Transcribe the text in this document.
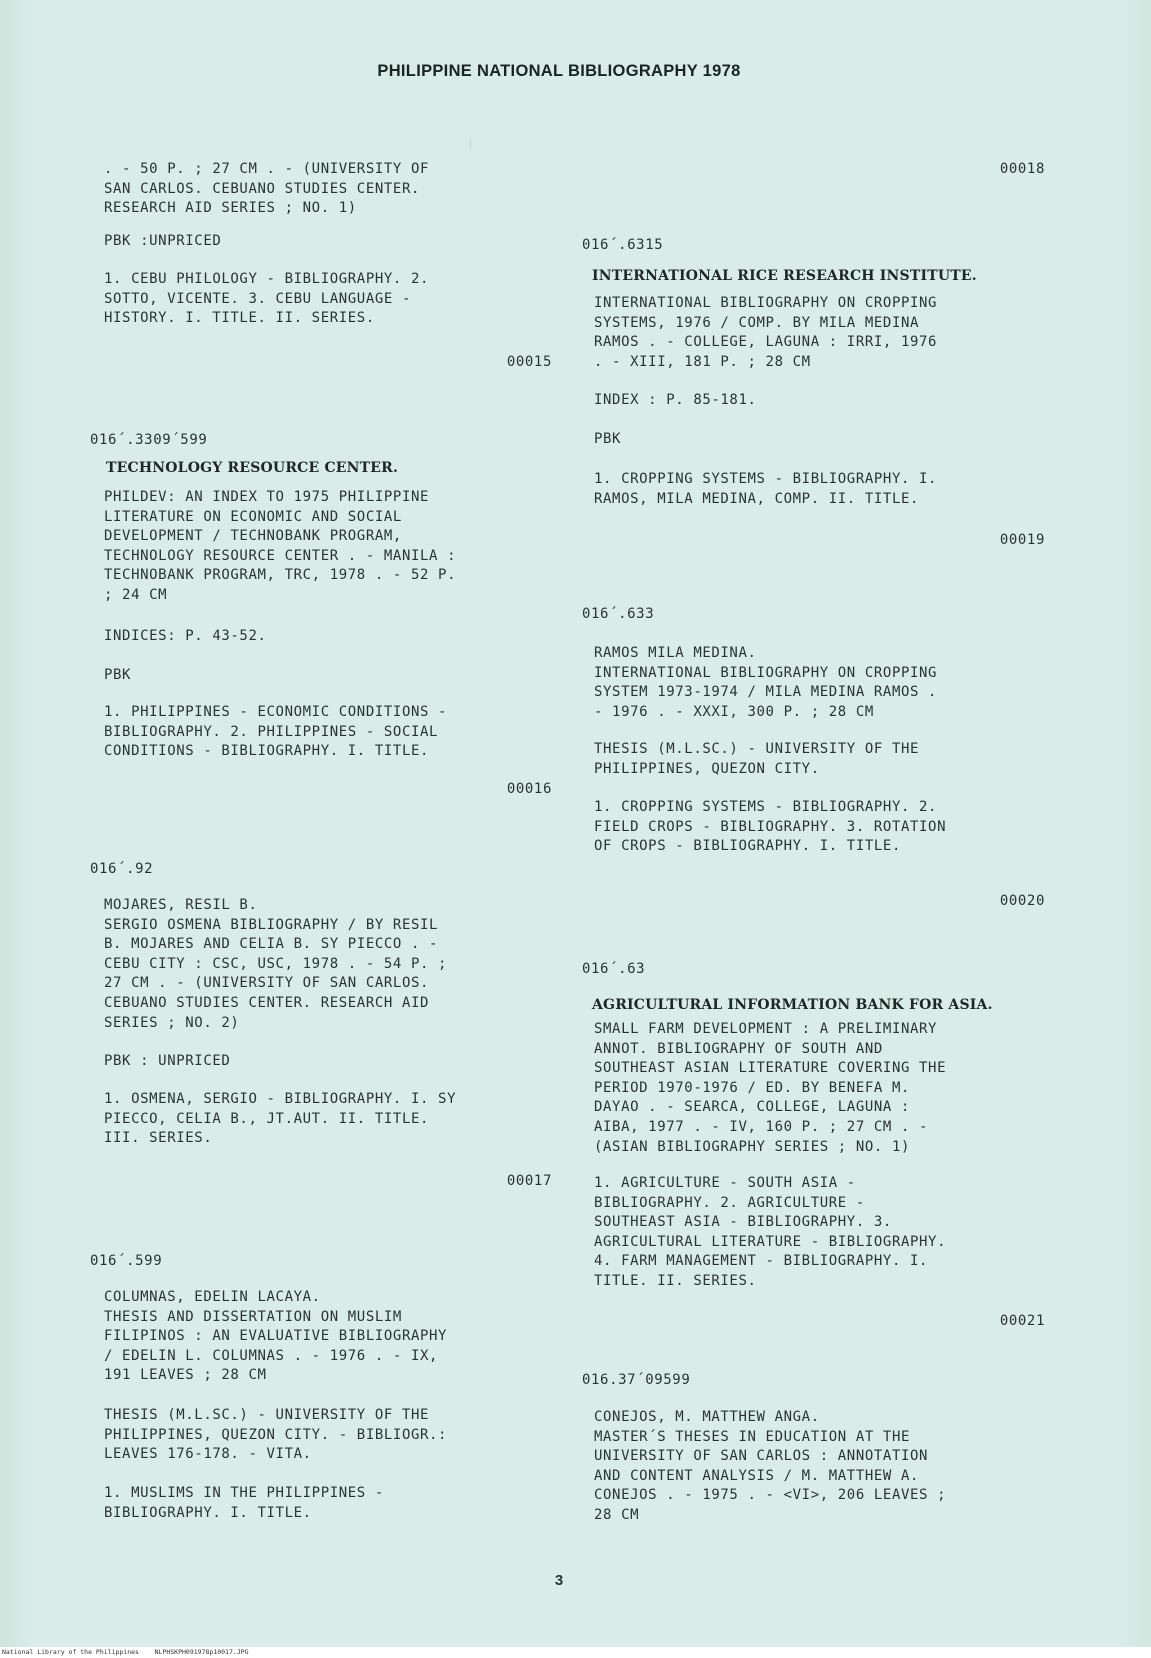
PHILIPPINE NATIONAL BIBLIOGRAPHY 1978
. - 50 P. ; 27 CM . - (UNIVERSITY OF
SAN CARLOS. CEBUANO STUDIES CENTER.
RESEARCH AID SERIES ; NO. 1)
PBK :UNPRICED
1. CEBU PHILOLOGY - BIBLIOGRAPHY. 2.
SOTTO, VICENTE. 3. CEBU LANGUAGE -
HISTORY. I. TITLE. II. SERIES.
00015
016´.3309´599
TECHNOLOGY RESOURCE CENTER.
PHILDEV: AN INDEX TO 1975 PHILIPPINE
LITERATURE ON ECONOMIC AND SOCIAL
DEVELOPMENT / TECHNOBANK PROGRAM,
TECHNOLOGY RESOURCE CENTER . - MANILA :
TECHNOBANK PROGRAM, TRC, 1978 . - 52 P.
; 24 CM
INDICES: P. 43-52.
PBK
1. PHILIPPINES - ECONOMIC CONDITIONS -
BIBLIOGRAPHY. 2. PHILIPPINES - SOCIAL
CONDITIONS - BIBLIOGRAPHY. I. TITLE.
00016
016´.92
MOJARES, RESIL B.
SERGIO OSMENA BIBLIOGRAPHY / BY RESIL
B. MOJARES AND CELIA B. SY PIECCO . -
CEBU CITY : CSC, USC, 1978 . - 54 P. ;
27 CM . - (UNIVERSITY OF SAN CARLOS.
CEBUANO STUDIES CENTER. RESEARCH AID
SERIES ; NO. 2)
PBK : UNPRICED
1. OSMENA, SERGIO - BIBLIOGRAPHY. I. SY
PIECCO, CELIA B., JT.AUT. II. TITLE.
III. SERIES.
00017
016´.599
COLUMNAS, EDELIN LACAYA.
THESIS AND DISSERTATION ON MUSLIM
FILIPINOS : AN EVALUATIVE BIBLIOGRAPHY
/ EDELIN L. COLUMNAS . - 1976 . - IX,
191 LEAVES ; 28 CM
THESIS (M.L.SC.) - UNIVERSITY OF THE
PHILIPPINES, QUEZON CITY. - BIBLIOGR.:
LEAVES 176-178. - VITA.
1. MUSLIMS IN THE PHILIPPINES -
BIBLIOGRAPHY. I. TITLE.
00018
016´.6315
INTERNATIONAL RICE RESEARCH INSTITUTE.
INTERNATIONAL BIBLIOGRAPHY ON CROPPING
SYSTEMS, 1976 / COMP. BY MILA MEDINA
RAMOS . - COLLEGE, LAGUNA : IRRI, 1976
. - XIII, 181 P. ; 28 CM
INDEX : P. 85-181.
PBK
1. CROPPING SYSTEMS - BIBLIOGRAPHY. I.
RAMOS, MILA MEDINA, COMP. II. TITLE.
00019
016´.633
RAMOS MILA MEDINA.
INTERNATIONAL BIBLIOGRAPHY ON CROPPING
SYSTEM 1973-1974 / MILA MEDINA RAMOS .
- 1976 . - XXXI, 300 P. ; 28 CM
THESIS (M.L.SC.) - UNIVERSITY OF THE
PHILIPPINES, QUEZON CITY.
1. CROPPING SYSTEMS - BIBLIOGRAPHY. 2.
FIELD CROPS - BIBLIOGRAPHY. 3. ROTATION
OF CROPS - BIBLIOGRAPHY. I. TITLE.
00020
016´.63
AGRICULTURAL INFORMATION BANK FOR ASIA.
SMALL FARM DEVELOPMENT : A PRELIMINARY
ANNOT. BIBLIOGRAPHY OF SOUTH AND
SOUTHEAST ASIAN LITERATURE COVERING THE
PERIOD 1970-1976 / ED. BY BENEFA M.
DAYAO . - SEARCA, COLLEGE, LAGUNA :
AIBA, 1977 . - IV, 160 P. ; 27 CM . -
(ASIAN BIBLIOGRAPHY SERIES ; NO. 1)
1. AGRICULTURE - SOUTH ASIA -
BIBLIOGRAPHY. 2. AGRICULTURE -
SOUTHEAST ASIA - BIBLIOGRAPHY. 3.
AGRICULTURAL LITERATURE - BIBLIOGRAPHY.
4. FARM MANAGEMENT - BIBLIOGRAPHY. I.
TITLE. II. SERIES.
00021
016.37´09599
CONEJOS, M. MATTHEW ANGA.
MASTER´S THESES IN EDUCATION AT THE
UNIVERSITY OF SAN CARLOS : ANNOTATION
AND CONTENT ANALYSIS / M. MATTHEW A.
CONEJOS . - 1975 . - <VI>, 206 LEAVES ;
28 CM
3
National Library of the Philippines    NLPHSKPH091978p10017.JPG
